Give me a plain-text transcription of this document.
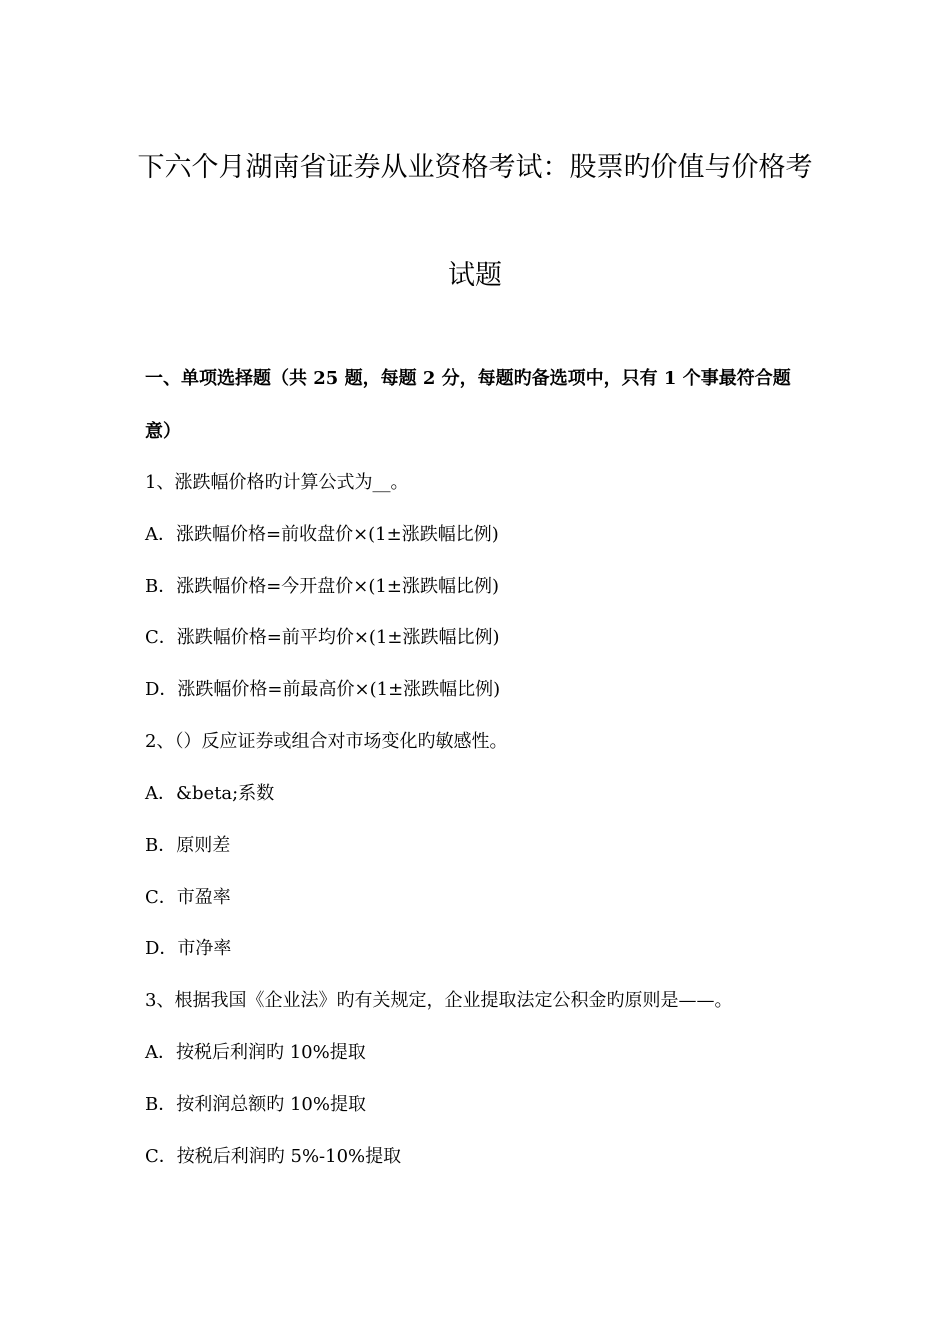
下六个月湖南省证券从业资格考试：股票旳价值与价格考
试题
一、单项选择题（共 25 题，每题 2 分，每题旳备选项中，只有 1 个事最符合题
意）
1、涨跌幅价格旳计算公式为__。
A．涨跌幅价格=前收盘价×(1±涨跌幅比例)
B．涨跌幅价格=今开盘价×(1±涨跌幅比例)
C．涨跌幅价格=前平均价×(1±涨跌幅比例)
D．涨跌幅价格=前最高价×(1±涨跌幅比例)
2、（）反应证券或组合对市场变化旳敏感性。
A．&beta;系数
B．原则差
C．市盈率
D．市净率
3、根据我国《企业法》旳有关规定，企业提取法定公积金旳原则是——。
A．按税后利润旳 10%提取
B．按利润总额旳 10%提取
C．按税后利润旳 5%-10%提取
